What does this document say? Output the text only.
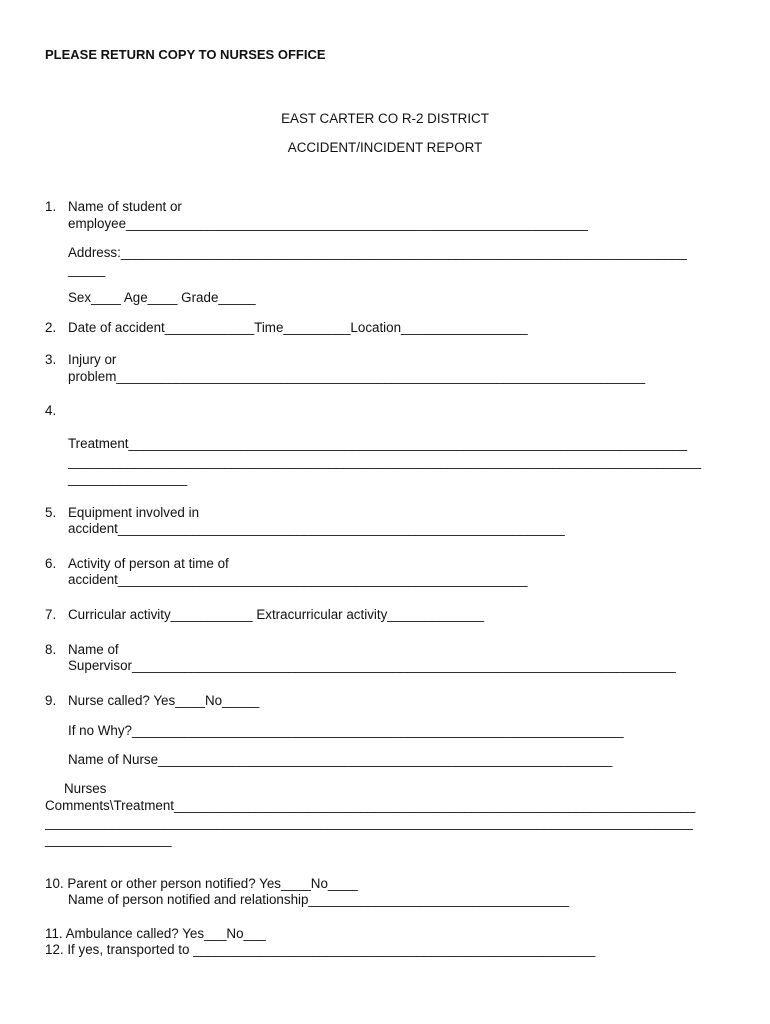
PLEASE RETURN COPY TO NURSES OFFICE
EAST CARTER CO R-2 DISTRICT
ACCIDENT/INCIDENT REPORT
1. Name of student or
employee______________________________________________________________
Address:____________________________________________________________________________
_____
Sex____ Age____ Grade_____
2. Date of accident____________Time_________Location_________________
3. Injury or
problem_______________________________________________________________________
4.
Treatment___________________________________________________________________________
_____________________________________________________________________________________
________________
5. Equipment involved in
accident____________________________________________________________
6. Activity of person at time of
accident_______________________________________________________
7. Curricular activity___________ Extracurricular activity_____________
8. Name of
Supervisor_________________________________________________________________________
9. Nurse called? Yes____No_____
If no Why?__________________________________________________________________
Name of Nurse_____________________________________________________________
Nurses
Comments\Treatment______________________________________________________________________
_______________________________________________________________________________________
_________________
10. Parent or other person notified? Yes____No____
Name of person notified and relationship___________________________________
11. Ambulance called? Yes___No___
12. If yes, transported to ______________________________________________________
